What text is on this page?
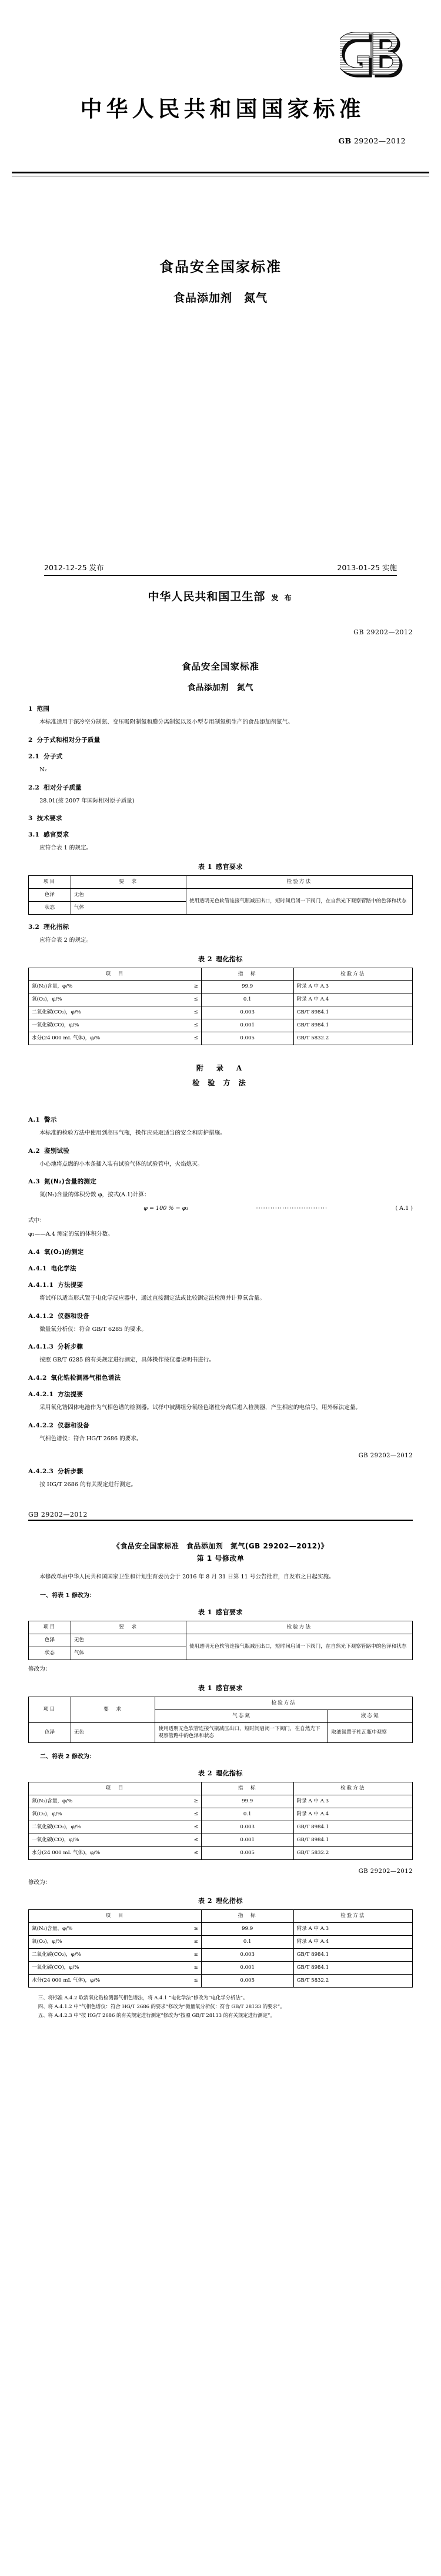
中华人民共和国国家标准
GB 29202—2012
食品安全国家标准
食品添加剂　氮气
2012-12-25 发布	2013-01-25 实施
中华人民共和国卫生部 发 布
GB 29202—2012
食品安全国家标准
食品添加剂　氮气
1 范围

本标准适用于深冷空分制氮、变压吸附制氮和膜分离制氮以及小型专用制氮机生产的食品添加剂氮气。

2 分子式和相对分子质量
2.1 分子式

N₂

2.2 相对分子质量

28.01(按 2007 年国际相对原子质量)

3 技术要求
3.1 感官要求

应符合表 1 的规定。

表 1 感官要求
项目	要　求	检验方法
色泽	无色	使用透明无色软管连接气瓶减压出口，短时间启闭一下阀门，在自然光下观察管路中的色泽和状态
状态	气体	
3.2 理化指标

应符合表 2 的规定。

表 2 理化指标
项　目	指　标	检验方法

氮(N₂)含量，φ/% ≥	99.9	附录 A 中 A.3

氧(O₂)，φ/% ≤	0.1	附录 A 中 A.4

二氧化碳(CO₂)，φ/% ≤	0.003	GB/T 8984.1

一氧化碳(CO)，φ/% ≤	0.001	GB/T 8984.1

水分(24 000 mL 气体)，φ/% ≤	0.005	GB/T 5832.2
附　录　A
检 验 方 法
A.1 警示

本标准的检验方法中使用到高压气瓶，操作应采取适当的安全和防护措施。

A.2 鉴别试验

小心地将点燃的小木条插入装有试验气体的试验管中，火焰熄灭。

A.3 氮(N₂)含量的测定

氮(N₂)含量的体积分数 φ，按式(A.1)计算：

φ = 100 % − φ₁	······························	( A.1 )

式中：

φ₁——A.4 测定的氧的体积分数。

A.4 氧(O₂)的测定
A.4.1 电化学法
A.4.1.1 方法提要

将试样以适当形式置于电化学反应器中，通过直接测定法或比较测定法检测并计算氧含量。

A.4.1.2 仪器和设备

微量氧分析仪：符合 GB/T 6285 的要求。

A.4.1.3 分析步骤

按照 GB/T 6285 的有关规定进行测定，具体操作按仪器说明书进行。

A.4.2 氧化锆检测器气相色谱法
A.4.2.1 方法提要

采用氧化锆固体电池作为气相色谱的检测器。试样中被测组分氧经色谱柱分离后进入检测器，产生相应的电信号，用外标法定量。

A.4.2.2 仪器和设备

气相色谱仪：符合 HG/T 2686 的要求。

GB 29202—2012
A.4.2.3 分析步骤

按 HG/T 2686 的有关规定进行测定。

GB 29202—2012
《食品安全国家标准　食品添加剂　氮气(GB 29202—2012)》
第 1 号修改单

本修改单由中华人民共和国国家卫生和计划生育委员会于 2016 年 8 月 31 日第 11 号公告批准，自发布之日起实施。

一、将表 1 修改为：
表 1 感官要求
项目	要　求	检验方法
色泽	无色	使用透明无色软管连接气瓶减压出口，短时间启闭一下阀门，在自然光下观察管路中的色泽和状态
状态	气体	

修改为：

表 1 感官要求
项目	要　求	检验方法	
		气态氮	液态氮
色泽	无色	使用透明无色软管连接气瓶减压出口，短时间启闭一下阀门，在自然光下观察管路中的色泽和状态	取液氮置于杜瓦瓶中观察
二、将表 2 修改为：
表 2 理化指标
项　目	指　标	检验方法

氮(N₂)含量，φ/% ≥	99.9	附录 A 中 A.3

氧(O₂)，φ/% ≤	0.1	附录 A 中 A.4

二氧化碳(CO₂)，φ/% ≤	0.003	GB/T 8984.1

一氧化碳(CO)，φ/% ≤	0.001	GB/T 8984.1

水分(24 000 mL 气体)，φ/% ≤	0.005	GB/T 5832.2
GB 29202—2012

修改为：

表 2 理化指标
项　目	指　标	检验方法

氮(N₂)含量，φ/% ≥	99.9	附录 A 中 A.3

氧(O₂)，φ/% ≤	0.1	附录 A 中 A.4

二氧化碳(CO₂)，φ/% ≤	0.003	GB/T 8984.1

一氧化碳(CO)，φ/% ≤	0.001	GB/T 8984.1

水分(24 000 mL 气体)，φ/% ≤	0.005	GB/T 5832.2
三、将标准 A.4.2 取消氧化锆检测器气相色谱法，将 A.4.1 “电化学法”修改为“电化学分析法”。
四、将 A.4.1.2 中“气相色谱仪：符合 HG/T 2686 的要求”修改为“微量氧分析仪：符合 GB/T 28133 的要求”。
五、将 A.4.2.3 中“按 HG/T 2686 的有关规定进行测定”修改为“按照 GB/T 28133 的有关规定进行测定”。
